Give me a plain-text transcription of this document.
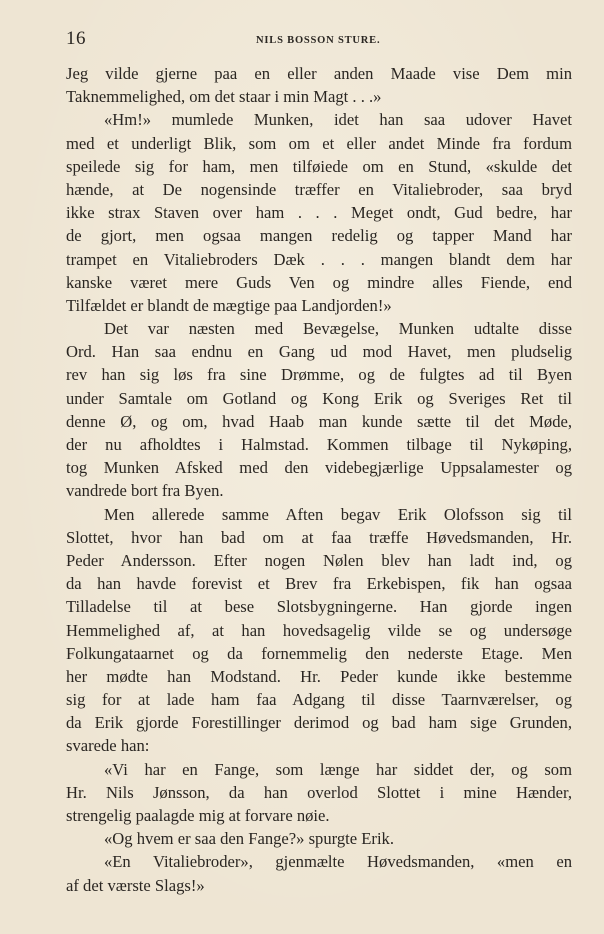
16	NILS BOSSON STURE.
Jeg vilde gjerne paa en eller anden Maade vise Dem min
Taknemmelighed, om det staar i min Magt . . .»
«Hm!» mumlede Munken, idet han saa udover Havet
med et underligt Blik, som om et eller andet Minde fra fordum
speilede sig for ham, men tilføiede om en Stund, «skulde det
hænde, at De nogensinde træffer en Vitaliebroder, saa bryd
ikke strax Staven over ham . . . Meget ondt, Gud bedre, har
de gjort, men ogsaa mangen redelig og tapper Mand har
trampet en Vitaliebroders Dæk . . . mangen blandt dem har
kanske været mere Guds Ven og mindre alles Fiende, end
Tilfældet er blandt de mægtige paa Landjorden!»
Det var næsten med Bevægelse, Munken udtalte disse
Ord. Han saa endnu en Gang ud mod Havet, men pludselig
rev han sig løs fra sine Drømme, og de fulgtes ad til Byen
under Samtale om Gotland og Kong Erik og Sveriges Ret til
denne Ø, og om, hvad Haab man kunde sætte til det Møde,
der nu afholdtes i Halmstad. Kommen tilbage til Nykøping,
tog Munken Afsked med den videbegjærlige Uppsalamester og
vandrede bort fra Byen.
Men allerede samme Aften begav Erik Olofsson sig til
Slottet, hvor han bad om at faa træffe Høvedsmanden, Hr.
Peder Andersson. Efter nogen Nølen blev han ladt ind, og
da han havde forevist et Brev fra Erkebispen, fik han ogsaa
Tilladelse til at bese Slotsbygningerne. Han gjorde ingen
Hemmelighed af, at han hovedsagelig vilde se og undersøge
Folkungataarnet og da fornemmelig den nederste Etage. Men
her mødte han Modstand. Hr. Peder kunde ikke bestemme
sig for at lade ham faa Adgang til disse Taarnværelser, og
da Erik gjorde Forestillinger derimod og bad ham sige Grunden,
svarede han:
«Vi har en Fange, som længe har siddet der, og som
Hr. Nils Jønsson, da han overlod Slottet i mine Hænder,
strengelig paalagde mig at forvare nøie.
«Og hvem er saa den Fange?» spurgte Erik.
«En Vitaliebroder», gjenmælte Høvedsmanden, «men en
af det værste Slags!»
